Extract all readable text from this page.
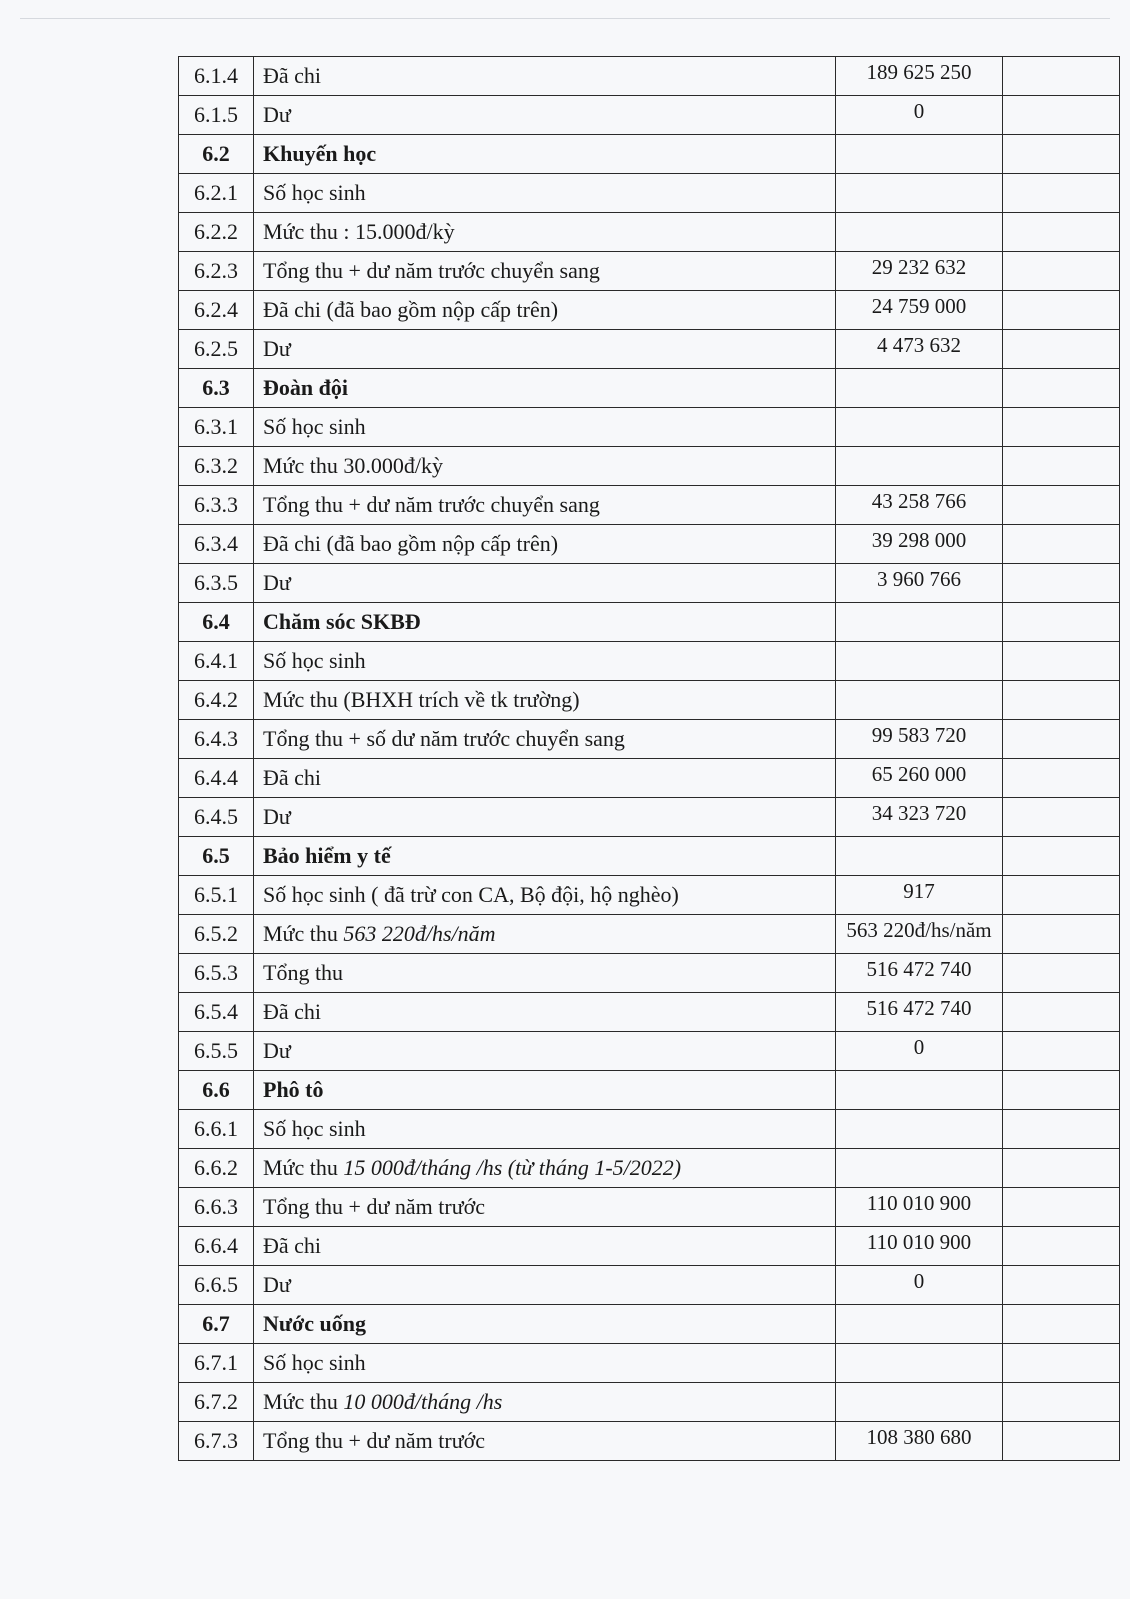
6.1.4	Đã chi	189 625 250	
6.1.5	Dư	0	
6.2	Khuyến học		
6.2.1	Số học sinh		
6.2.2	Mức thu : 15.000đ/kỳ		
6.2.3	Tổng thu + dư năm trước chuyển sang	29 232 632	
6.2.4	Đã chi (đã bao gồm nộp cấp trên)	24 759 000	
6.2.5	Dư	4 473 632	
6.3	Đoàn đội		
6.3.1	Số học sinh		
6.3.2	Mức thu 30.000đ/kỳ		
6.3.3	Tổng thu + dư năm trước chuyển sang	43 258 766	
6.3.4	Đã chi (đã bao gồm nộp cấp trên)	39 298 000	
6.3.5	Dư	3 960 766	
6.4	Chăm sóc SKBĐ		
6.4.1	Số học sinh		
6.4.2	Mức thu (BHXH trích về tk trường)		
6.4.3	Tổng thu + số dư năm trước chuyển sang	99 583 720	
6.4.4	Đã chi	65 260 000	
6.4.5	Dư	34 323 720	
6.5	Bảo hiểm y tế		
6.5.1	Số học sinh ( đã trừ con CA, Bộ đội, hộ nghèo)	917	
6.5.2	Mức thu 563 220đ/hs/năm	563 220đ/hs/năm	
6.5.3	Tổng thu	516 472 740	
6.5.4	Đã chi	516 472 740	
6.5.5	Dư	0	
6.6	Phô tô		
6.6.1	Số học sinh		
6.6.2	Mức thu 15 000đ/tháng /hs (từ tháng 1-5/2022)		
6.6.3	Tổng thu + dư năm trước	110 010 900	
6.6.4	Đã chi	110 010 900	
6.6.5	Dư	0	
6.7	Nước uống		
6.7.1	Số học sinh		
6.7.2	Mức thu 10 000đ/tháng /hs		
6.7.3	Tổng thu + dư năm trước	108 380 680	
